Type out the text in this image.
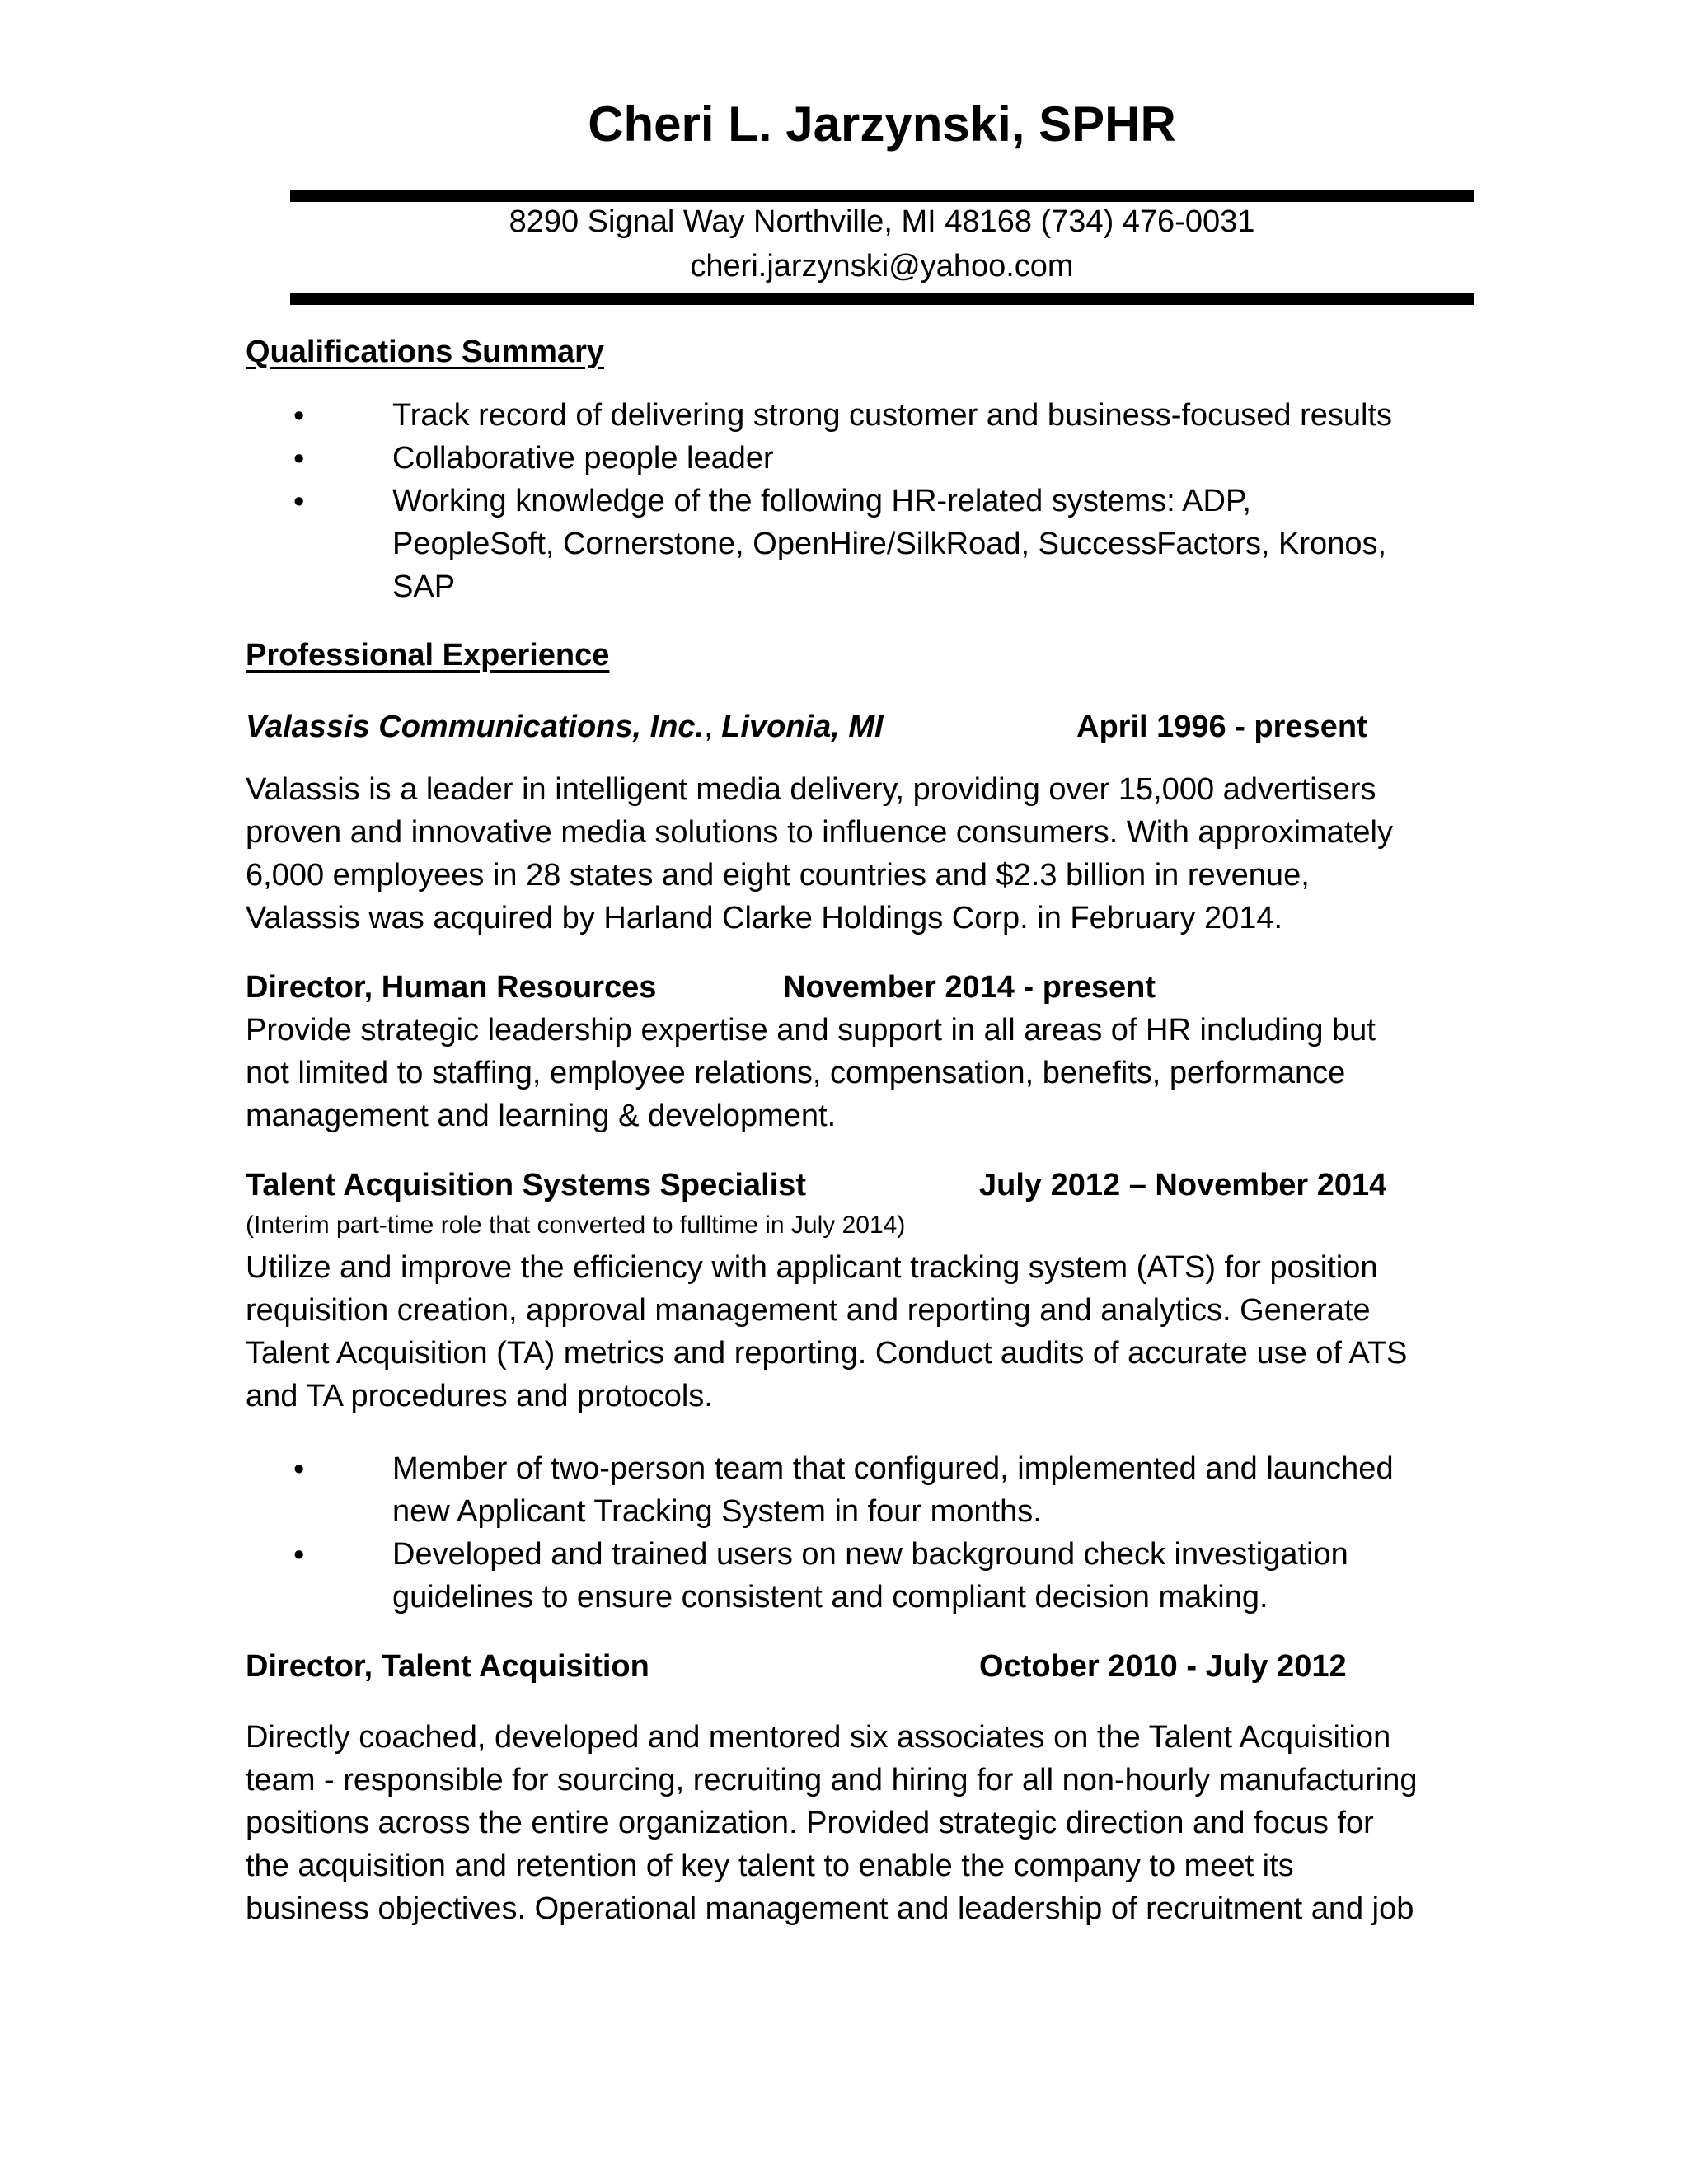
Cheri L. Jarzynski, SPHR
8290 Signal Way Northville, MI 48168 (734) 476-0031
cheri.jarzynski@yahoo.com
Qualifications Summary
•	Track record of delivering strong customer and business-focused results
•	Collaborative people leader
•	Working knowledge of the following HR-related systems: ADP,
PeopleSoft, Cornerstone, OpenHire/SilkRoad, SuccessFactors, Kronos,
SAP
Professional Experience
Valassis Communications, Inc., Livonia, MI	April 1996 - present
Valassis is a leader in intelligent media delivery, providing over 15,000 advertisers
proven and innovative media solutions to influence consumers. With approximately
6,000 employees in 28 states and eight countries and $2.3 billion in revenue,
Valassis was acquired by Harland Clarke Holdings Corp. in February 2014.
Director, Human Resources	November 2014 - present
Provide strategic leadership expertise and support in all areas of HR including but
not limited to staffing, employee relations, compensation, benefits, performance
management and learning & development.
Talent Acquisition Systems Specialist	July 2012 – November 2014
(Interim part-time role that converted to fulltime in July 2014)
Utilize and improve the efficiency with applicant tracking system (ATS) for position
requisition creation, approval management and reporting and analytics. Generate
Talent Acquisition (TA) metrics and reporting. Conduct audits of accurate use of ATS
and TA procedures and protocols.
•	Member of two-person team that configured, implemented and launched
new Applicant Tracking System in four months.
•	Developed and trained users on new background check investigation
guidelines to ensure consistent and compliant decision making.
Director, Talent Acquisition	October 2010 - July 2012
Directly coached, developed and mentored six associates on the Talent Acquisition
team - responsible for sourcing, recruiting and hiring for all non-hourly manufacturing
positions across the entire organization. Provided strategic direction and focus for
the acquisition and retention of key talent to enable the company to meet its
business objectives. Operational management and leadership of recruitment and job
